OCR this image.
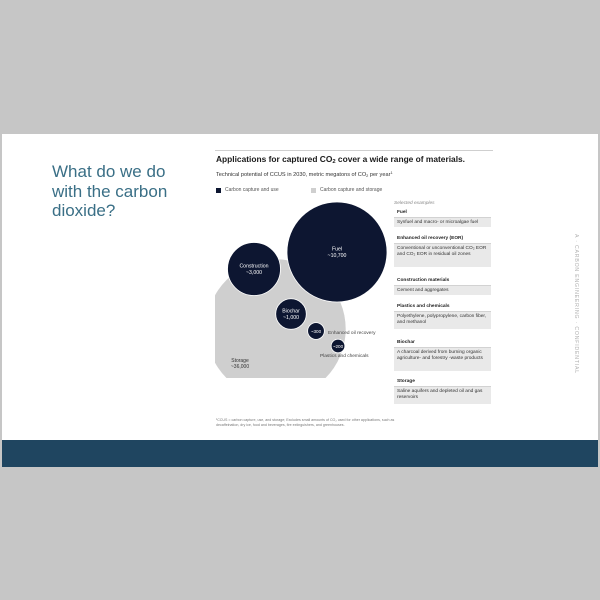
What do we do with the carbon dioxide?
A · CARBON ENGINEERING · CONFIDENTIAL
Applications for captured $CO_2$ cover a wide range of materials.
Technical potential of CCUS in 2030, metric megatons of $CO_2$ per year$^1$
Carbon capture and use	Carbon capture and storage
Fuel
~10,700
Construction
~3,000
Biochar
~1,000
~300 Enhanced oil recovery
~200
Plastics and chemicals
Storage
~36,000
¹CCUS = carbon capture, use, and storage; Excludes small amounts of CO₂ used for other applications, such as decaffeination, dry ice, food and beverages, fire extinguishers, and greenhouses.
Selected examples
Fuel
Synfuel and macro- or microalgae fuel
Enhanced oil recovery (EOR)
Conventional or unconventional CO₂ EOR and CO₂ EOR in residual oil zones
Construction materials
Cement and aggregates
Plastics and chemicals
Polyethylene, polypropylene, carbon fiber, and methanol
Biochar
A charcoal derived from burning organic agriculture- and forestry -waste products
Storage
Saline aquifers and depleted oil and gas reservoirs
